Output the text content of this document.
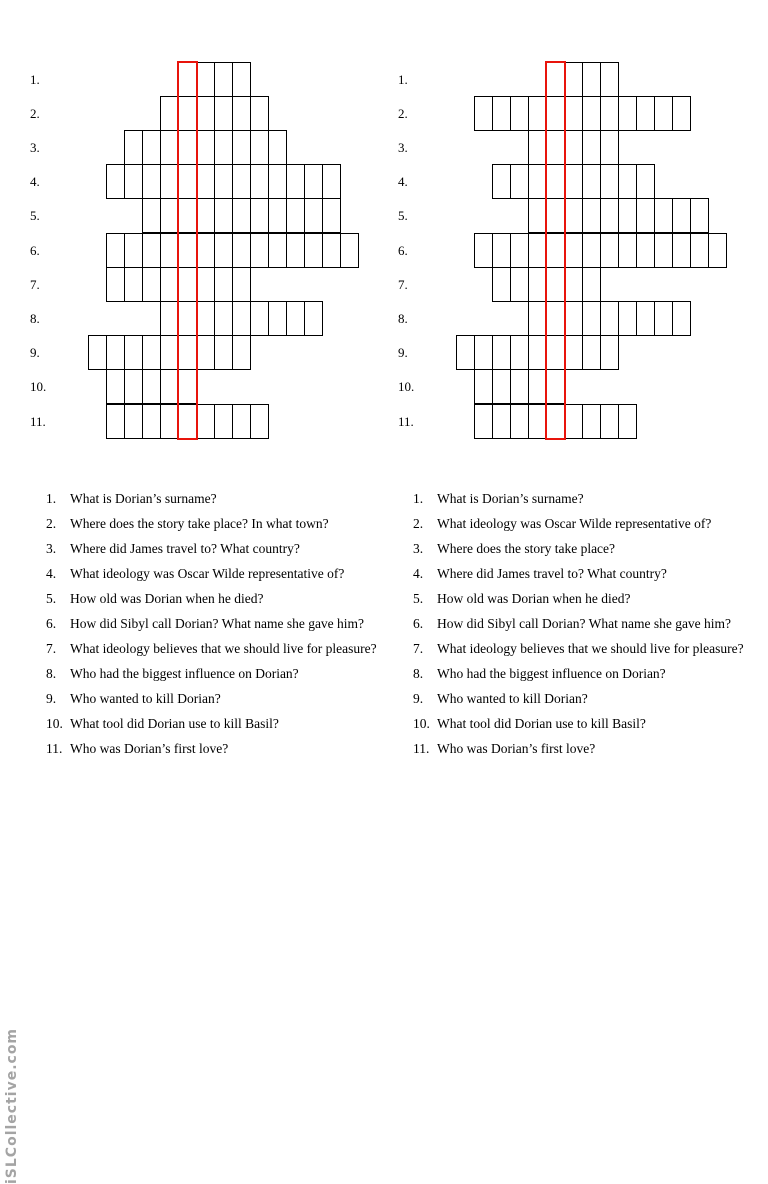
1.
2.
3.
4.
5.
6.
7.
8.
9.
10.
11.
1.
2.
3.
4.
5.
6.
7.
8.
9.
10.
11.
1.	What is Dorian’s surname?
2.	Where does the story take place? In what town?
3.	Where did James travel to? What country?
4.	What ideology was Oscar Wilde representative of?
5.	How old was Dorian when he died?
6.	How did Sibyl call Dorian? What name she gave him?
7.	What ideology believes that we should live for pleasure?
8.	Who had the biggest influence on Dorian?
9.	Who wanted to kill Dorian?
10. What tool did Dorian use to kill Basil?
11. Who was Dorian’s first love?
1.	What is Dorian’s surname?
2.	What ideology was Oscar Wilde representative of?
3.	Where does the story take place?
4.	Where did James travel to? What country?
5.	How old was Dorian when he died?
6.	How did Sibyl call Dorian? What name she gave him?
7.	What ideology believes that we should live for pleasure?
8.	Who had the biggest influence on Dorian?
9.	Who wanted to kill Dorian?
10. What tool did Dorian use to kill Basil?
11. Who was Dorian’s first love?
iSLCollective.com
